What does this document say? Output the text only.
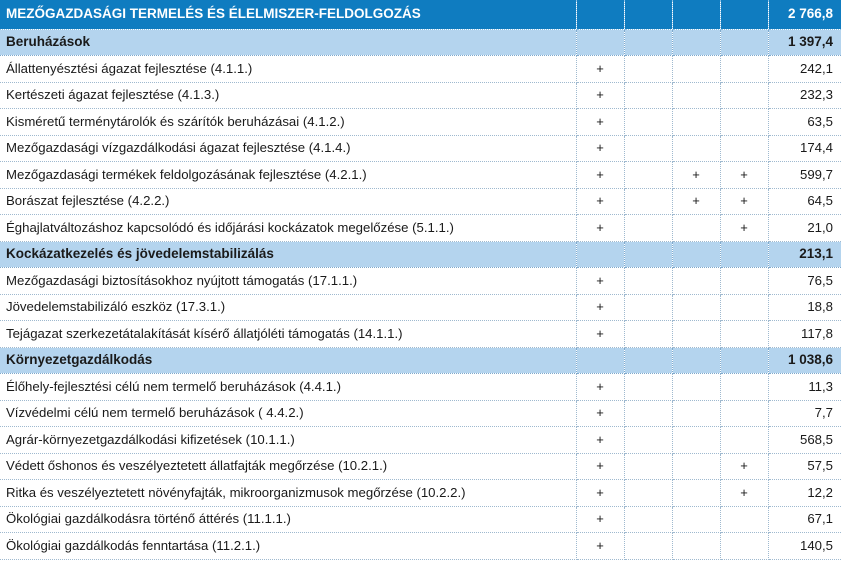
MEZŐGAZDASÁGI TERMELÉS ÉS ÉLELMISZER-FELDOLGOZÁS					2 766,8
Beruházások					1 397,4
Állattenyésztési ágazat fejlesztése (4.1.1.)	+				242,1
Kertészeti ágazat fejlesztése (4.1.3.)	+				232,3
Kisméretű terménytárolók és szárítók beruházásai (4.1.2.)	+				63,5
Mezőgazdasági vízgazdálkodási ágazat fejlesztése (4.1.4.)	+				174,4
Mezőgazdasági termékek feldolgozásának fejlesztése (4.2.1.)	+		+	+	599,7
Borászat fejlesztése (4.2.2.)	+		+	+	64,5
Éghajlatváltozáshoz kapcsolódó és időjárási kockázatok megelőzése (5.1.1.)	+			+	21,0
Kockázatkezelés és jövedelemstabilizálás					213,1
Mezőgazdasági biztosításokhoz nyújtott támogatás (17.1.1.)	+				76,5
Jövedelemstabilizáló eszköz (17.3.1.)	+				18,8
Tejágazat szerkezetátalakítását kísérő állatjóléti támogatás (14.1.1.)	+				117,8
Környezetgazdálkodás					1 038,6
Élőhely-fejlesztési célú nem termelő beruházások (4.4.1.)	+				11,3
Vízvédelmi célú nem termelő beruházások ( 4.4.2.)	+				7,7
Agrár-környezetgazdálkodási kifizetések (10.1.1.)	+				568,5
Védett őshonos és veszélyeztetett állatfajták megőrzése (10.2.1.)	+			+	57,5
Ritka és veszélyeztetett növényfajták, mikroorganizmusok megőrzése (10.2.2.)	+			+	12,2
Ökológiai gazdálkodásra történő áttérés (11.1.1.)	+				67,1
Ökológiai gazdálkodás fenntartása (11.2.1.)	+				140,5
